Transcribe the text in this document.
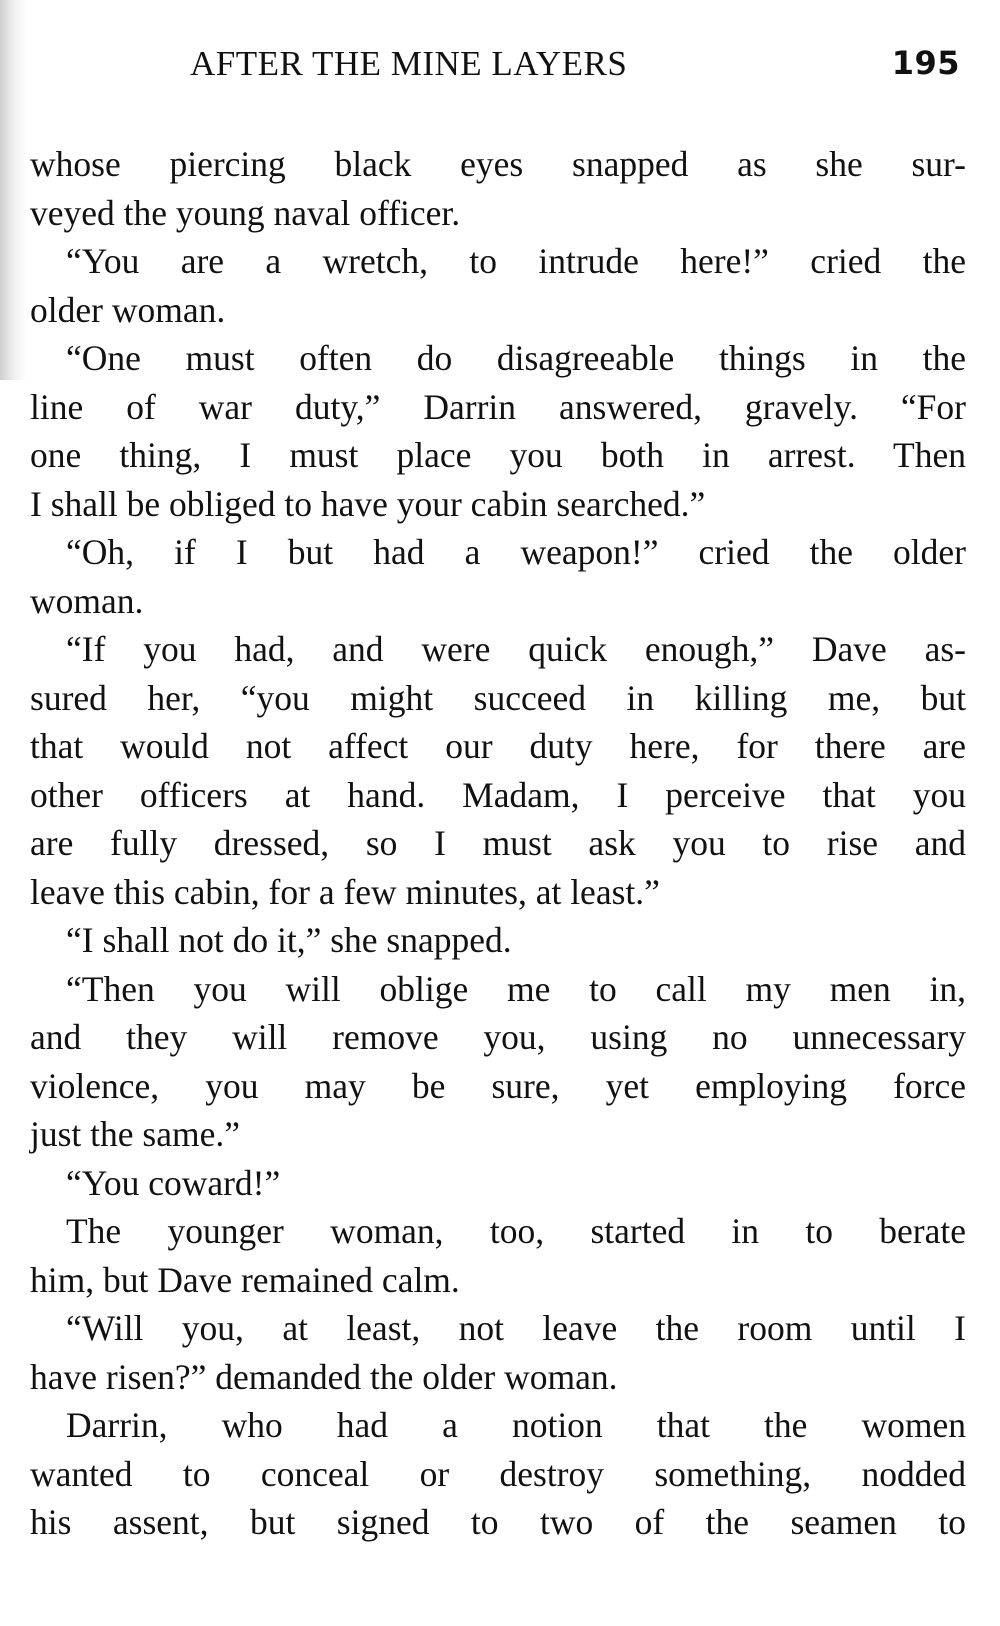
AFTER THE MINE LAYERS	195
whose piercing black eyes snapped as she sur-
veyed the young naval officer.
“You are a wretch, to intrude here!” cried the
older woman.
“One must often do disagreeable things in the
line of war duty,” Darrin answered, gravely. “For
one thing, I must place you both in arrest. Then
I shall be obliged to have your cabin searched.”
“Oh, if I but had a weapon!” cried the older
woman.
“If you had, and were quick enough,” Dave as-
sured her, “you might succeed in killing me, but
that would not affect our duty here, for there are
other officers at hand. Madam, I perceive that you
are fully dressed, so I must ask you to rise and
leave this cabin, for a few minutes, at least.”
“I shall not do it,” she snapped.
“Then you will oblige me to call my men in,
and they will remove you, using no unnecessary
violence, you may be sure, yet employing force
just the same.”
“You coward!”
The younger woman, too, started in to berate
him, but Dave remained calm.
“Will you, at least, not leave the room until I
have risen?” demanded the older woman.
Darrin, who had a notion that the women
wanted to conceal or destroy something, nodded
his assent, but signed to two of the seamen to
